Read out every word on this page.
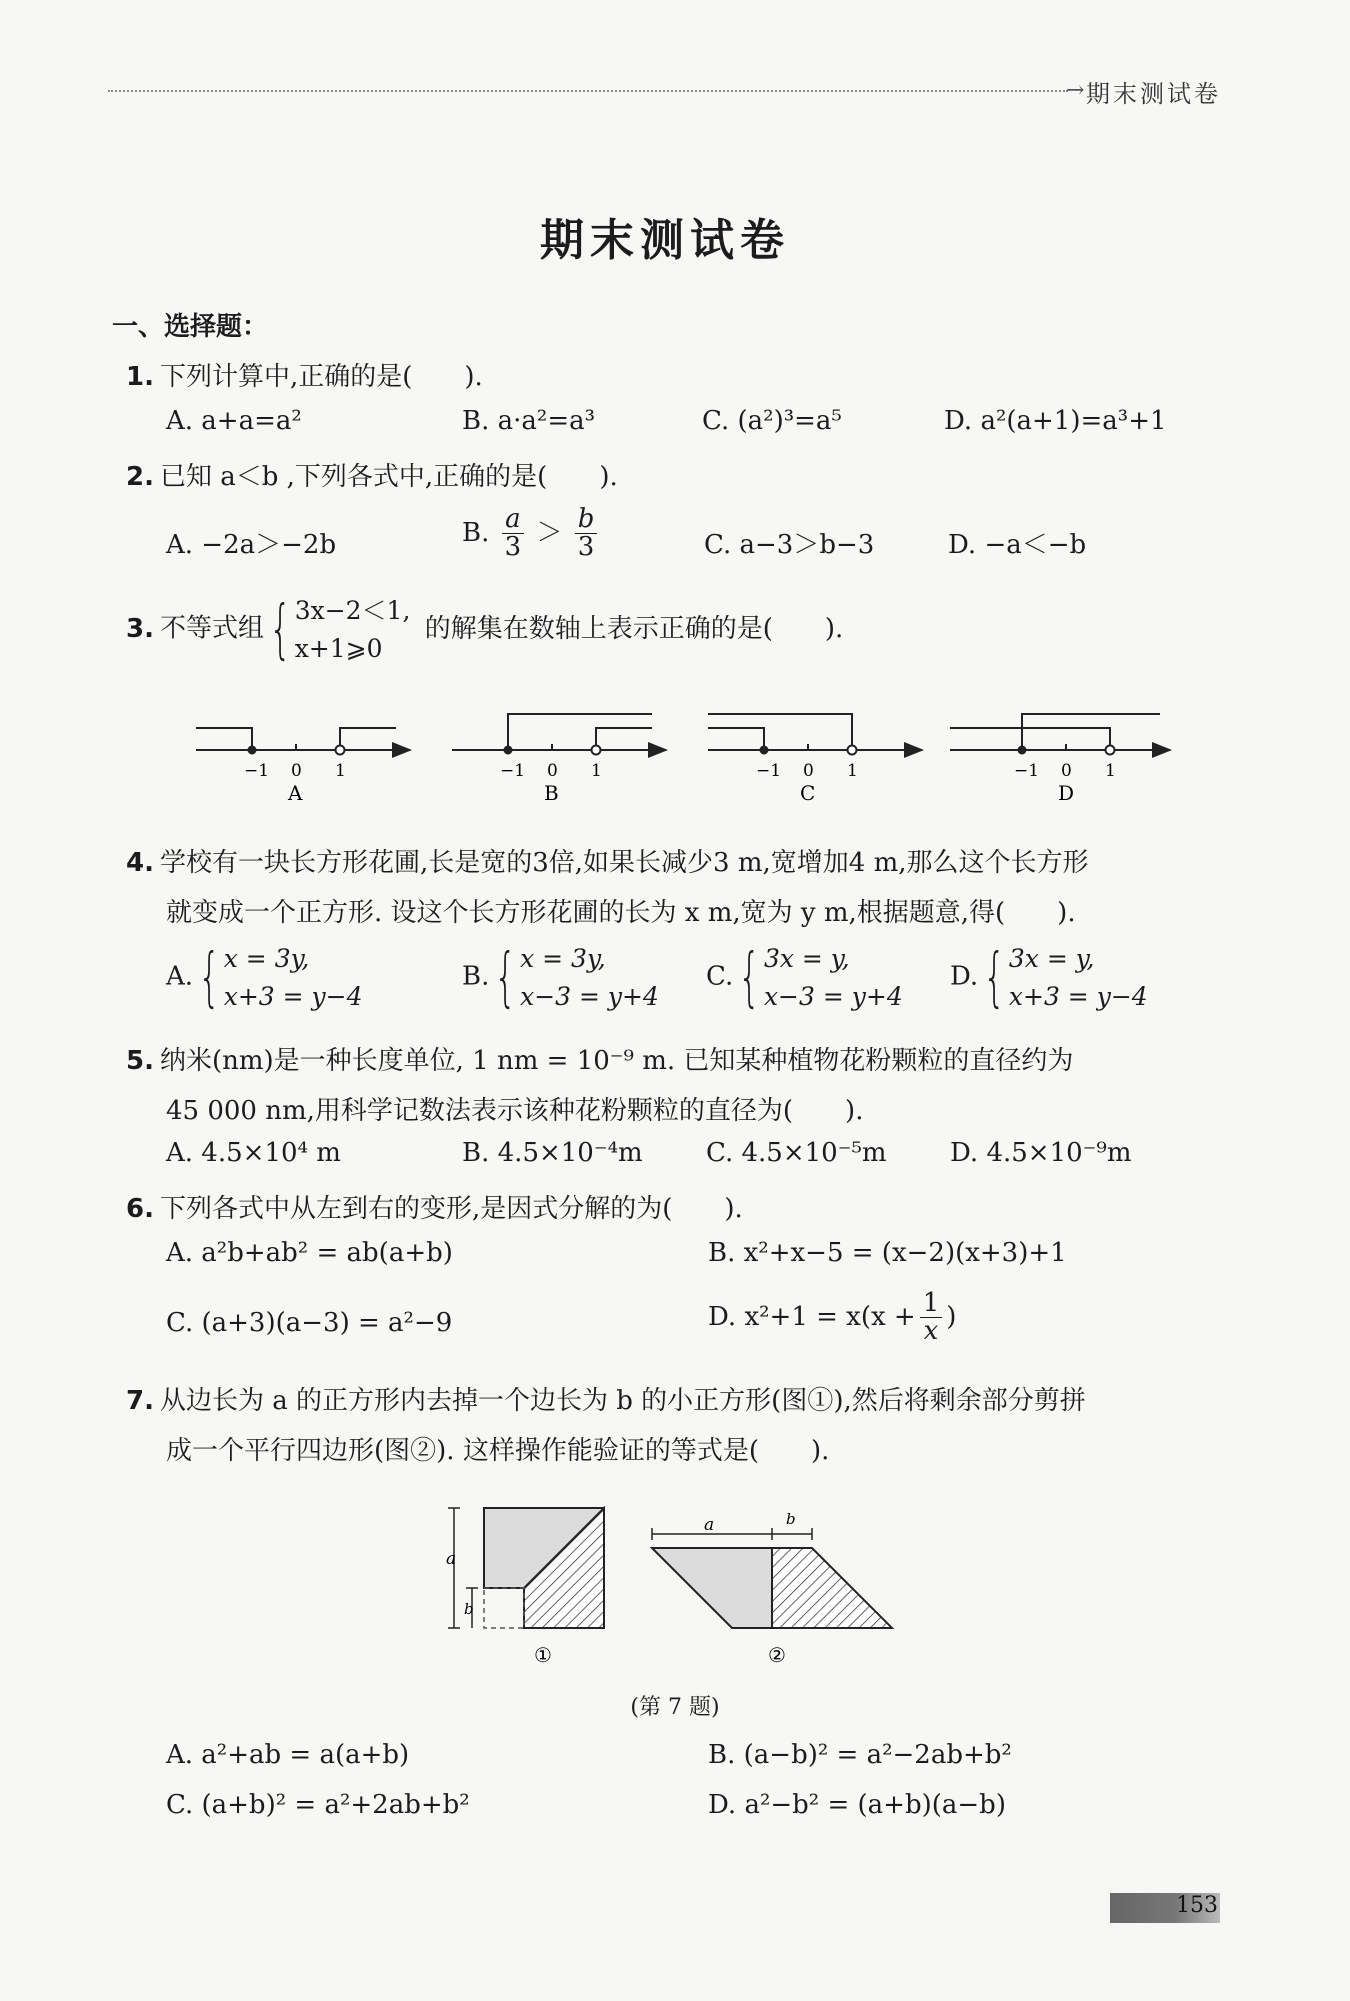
→ 期末测试卷
期末测试卷
一、选择题：
1. 下列计算中,正确的是(　　).
A. a+a=a²	B. a·a²=a³	C. (a²)³=a⁵	D. a²(a+1)=a³+1
2. 已知 a＜b ,下列各式中,正确的是(　　).
A. −2a＞−2b	B. $\frac{a}{3} > \frac{b}{3}$	C. a−3＞b−3	D. −a＜−b
3. 不等式组{ 3x−2＜1,
x+1⩾0
的解集在数轴上表示正确的是(　　).
−1 0 1
A
−1 0 1
B
−1 0 1
C
−1 0 1
D
4. 学校有一块长方形花圃,长是宽的3倍,如果长减少3 m,宽增加4 m,那么这个长方形
就变成一个正方形. 设这个长方形花圃的长为 x m,宽为 y m,根据题意,得(　　).
A.{ x = 3y,
x+3 = y−4
B.{ x = 3y,
x−3 = y+4
C.{ 3x = y,
x−3 = y+4
D.{ 3x = y,
x+3 = y−4
5. 纳米(nm)是一种长度单位, 1 nm = 10⁻⁹ m. 已知某种植物花粉颗粒的直径约为
45 000 nm,用科学记数法表示该种花粉颗粒的直径为(　　).
A. 4.5×10⁴ m	B. 4.5×10⁻⁴m C. 4.5×10⁻⁵m D. 4.5×10⁻⁹m
6. 下列各式中从左到右的变形,是因式分解的为(　　).
A. a²b+ab² = ab(a+b)	B. x²+x−5 = (x−2)(x+3)+1
C. (a+3)(a−3) = a²−9	D. $x^2+1 = x(x + \frac{1}{x}$ )
7. 从边长为 a 的正方形内去掉一个边长为 b 的小正方形(图①),然后将剩余部分剪拼
成一个平行四边形(图②). 这样操作能验证的等式是(　　).
a
b
①
a	b
②
(第 7 题)
A. a²+ab = a(a+b)	B. (a−b)² = a²−2ab+b²
C. (a+b)² = a²+2ab+b²	D. a²−b² = (a+b)(a−b)
153
